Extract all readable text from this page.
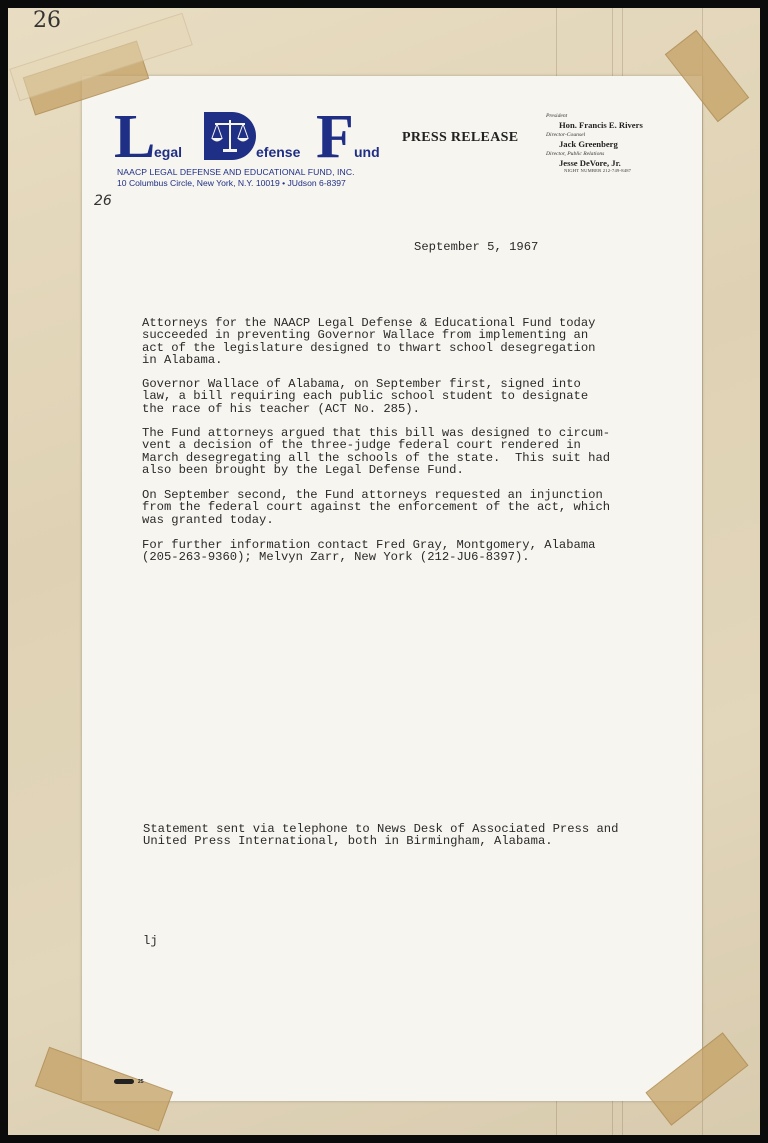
26
L
egal	efense F und
NAACP LEGAL DEFENSE AND EDUCATIONAL FUND, INC.
10 Columbus Circle, New York, N.Y. 10019 • JUdson 6-8397
PRESS RELEASE
President
Hon. Francis E. Rivers
Director-Counsel
Jack Greenberg
Director, Public Relations
Jesse DeVore, Jr.
NIGHT NUMBER 212-749-8487
26

September 5, 1967

Attorneys for the NAACP Legal Defense & Educational Fund today
succeeded in preventing Governor Wallace from implementing an
act of the legislature designed to thwart school desegregation
in Alabama.

Governor Wallace of Alabama, on September first, signed into
law, a bill requiring each public school student to designate
the race of his teacher (ACT No. 285).

The Fund attorneys argued that this bill was designed to circum-
vent a decision of the three-judge federal court rendered in
March desegregating all the schools of the state.  This suit had
also been brought by the Legal Defense Fund.

On September second, the Fund attorneys requested an injunction
from the federal court against the enforcement of the act, which
was granted today.

For further information contact Fred Gray, Montgomery, Alabama
(205-263-9360); Melvyn Zarr, New York (212-JU6-8397).

Statement sent via telephone to News Desk of Associated Press and
United Press International, both in Birmingham, Alabama.

lj

25
